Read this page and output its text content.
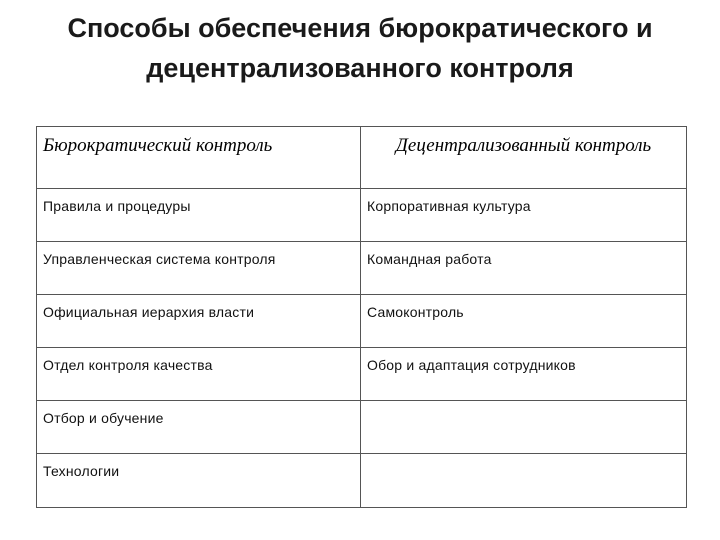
Способы обеспечения бюрократического и
децентрализованного контроля
Бюрократический контроль	Децентрализованный контроль
Правила и процедуры	Корпоративная культура
Управленческая система контроля	Командная работа
Официальная иерархия власти	Самоконтроль
Отдел контроля качества	Обор и адаптация сотрудников
Отбор и обучение	
Технологии	
